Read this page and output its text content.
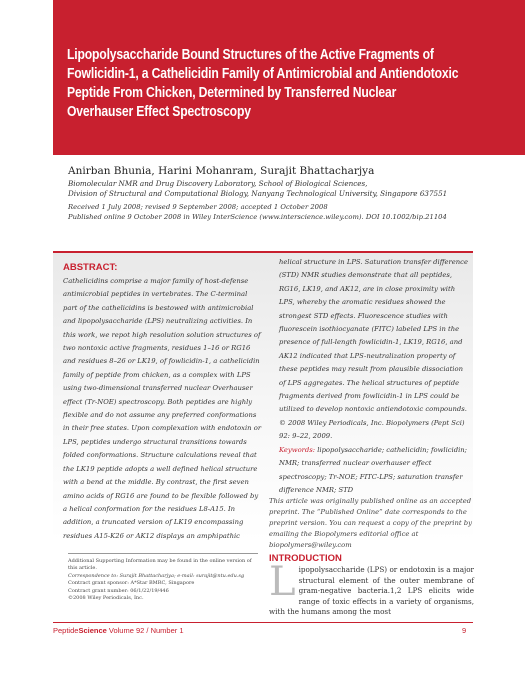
Lipopolysaccharide Bound Structures of the Active Fragments of Fowlicidin-1, a Cathelicidin Family of Antimicrobial and Antiendotoxic Peptide From Chicken, Determined by Transferred Nuclear Overhauser Effect Spectroscopy
Anirban Bhunia, Harini Mohanram, Surajit Bhattacharjya
Biomolecular NMR and Drug Discovery Laboratory, School of Biological Sciences,
Division of Structural and Computational Biology, Nanyang Technological University, Singapore 637551
Received 1 July 2008; revised 9 September 2008; accepted 1 October 2008
Published online 9 October 2008 in Wiley InterScience (www.interscience.wiley.com). DOI 10.1002/bip.21104

ABSTRACT:

Cathelicidins comprise a major family of host-defense antimicrobial peptides in vertebrates. The C-terminal part of the cathelicidins is bestowed with antimicrobial and lipopolysaccharide (LPS) neutralizing activities. In this work, we repot high resolution solution structures of two nontoxic active fragments, residues 1–16 or RG16 and residues 8–26 or LK19, of fowlicidin-1, a cathelicidin family of peptide from chicken, as a complex with LPS using two-dimensional transferred nuclear Overhauser effect (Tr-NOE) spectroscopy. Both peptides are highly flexible and do not assume any preferred conformations in their free states. Upon complexation with endotoxin or LPS, peptides undergo structural transitions towards folded conformations. Structure calculations reveal that the LK19 peptide adopts a well defined helical structure with a bend at the middle. By contrast, the first seven amino acids of RG16 are found to be flexible followed by a helical conformation for the residues L8-A15. In addition, a truncated version of LK19 encompassing residues A15-K26 or AK12 displays an amphipathic

helical structure in LPS. Saturation transfer difference (STD) NMR studies demonstrate that all peptides, RG16, LK19, and AK12, are in close proximity with LPS, whereby the aromatic residues showed the strongest STD effects. Fluorescence studies with fluorescein isothiocyanate (FITC) labeled LPS in the presence of full-length fowlicidin-1, LK19, RG16, and AK12 indicated that LPS-neutralization property of these peptides may result from plausible dissociation of LPS aggregates. The helical structures of peptide fragments derived from fowlicidin-1 in LPS could be utilized to develop nontoxic antiendotoxic compounds. © 2008 Wiley Periodicals, Inc. Biopolymers (Pept Sci) 92: 9–22, 2009.

Keywords: lipopolysaccharide; cathelicidin; fowlicidin; NMR; transferred nuclear overhauser effect spectroscopy; Tr-NOE; FITC-LPS; saturation transfer difference NMR; STD

This article was originally published online as an accepted preprint. The “Published Online” date corresponds to the preprint version. You can request a copy of the preprint by emailing the Biopolymers editorial office at biopolymers@wiley.com

Additional Supporting Information may be found in the online version of this article.
Correspondence to: Surajit Bhattacharjya; e-mail: surajit@ntu.edu.sg
Contract grant sponsor: A*Star BMRC, Singapore
Contract grant number: 06/1/22/19/446
©2008 Wiley Periodicals, Inc.
INTRODUCTION
L ipopolysaccharide (LPS) or endotoxin is a major structural element of the outer membrane of gram-negative bacteria.1,2 LPS elicits wide range of toxic effects in a variety of organisms, with the humans among the most

PeptideScience Volume 92 / Number 1	9
